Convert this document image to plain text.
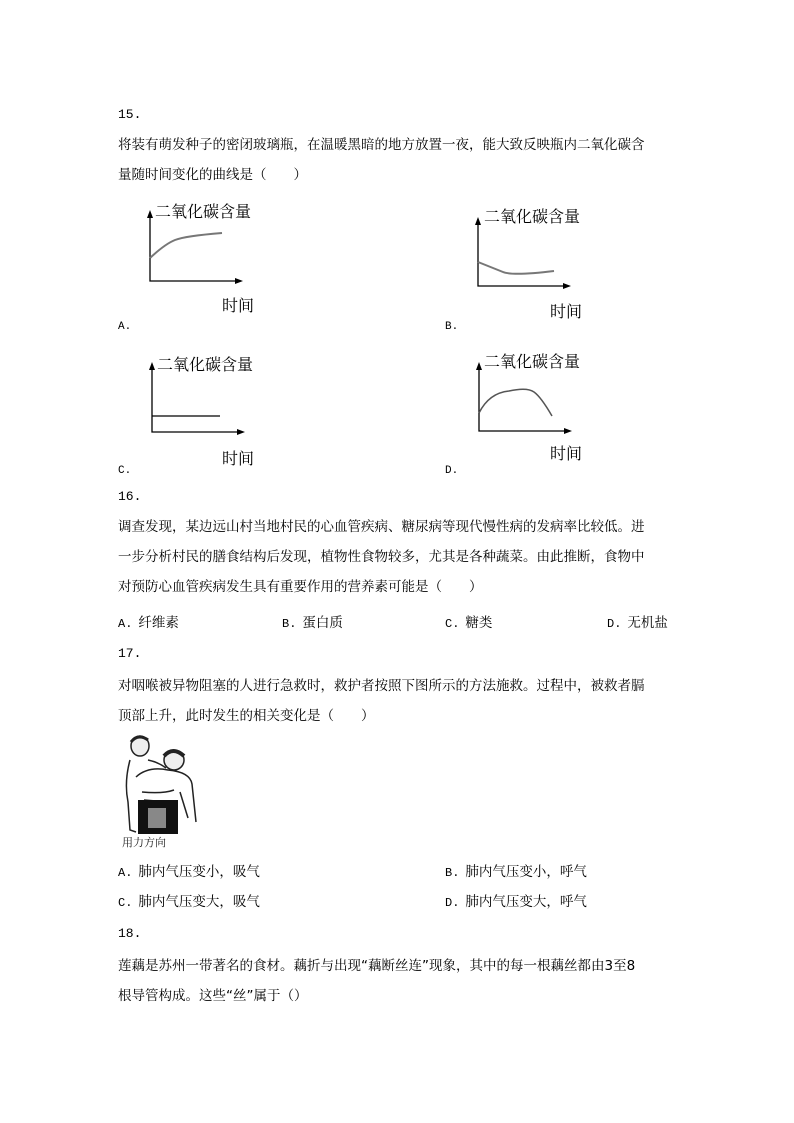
15.
将装有萌发种子的密闭玻璃瓶，在温暖黑暗的地方放置一夜，能大致反映瓶内二氧化碳含
量随时间变化的曲线是（　　）
二氧化碳含量
时间
A.
二氧化碳含量
时间
B.
二氧化碳含量
时间
C.
二氧化碳含量
时间
D.
16.
调查发现，某边远山村当地村民的心血管疾病、糖尿病等现代慢性病的发病率比较低。进
一步分析村民的膳食结构后发现，植物性食物较多，尤其是各种蔬菜。由此推断，食物中
对预防心血管疾病发生具有重要作用的营养素可能是（　　）
A. 纤维素	B. 蛋白质	C. 糖类	D. 无机盐
17.
对咽喉被异物阻塞的人进行急救时，救护者按照下图所示的方法施救。过程中，被救者膈
顶部上升，此时发生的相关变化是（　　）
用力方向
A. 肺内气压变小，吸气	B. 肺内气压变小，呼气
C. 肺内气压变大，吸气	D. 肺内气压变大，呼气
18.
莲藕是苏州一带著名的食材。藕折与出现“藕断丝连”现象，其中的每一根藕丝都由3至8
根导管构成。这些“丝”属于（）
